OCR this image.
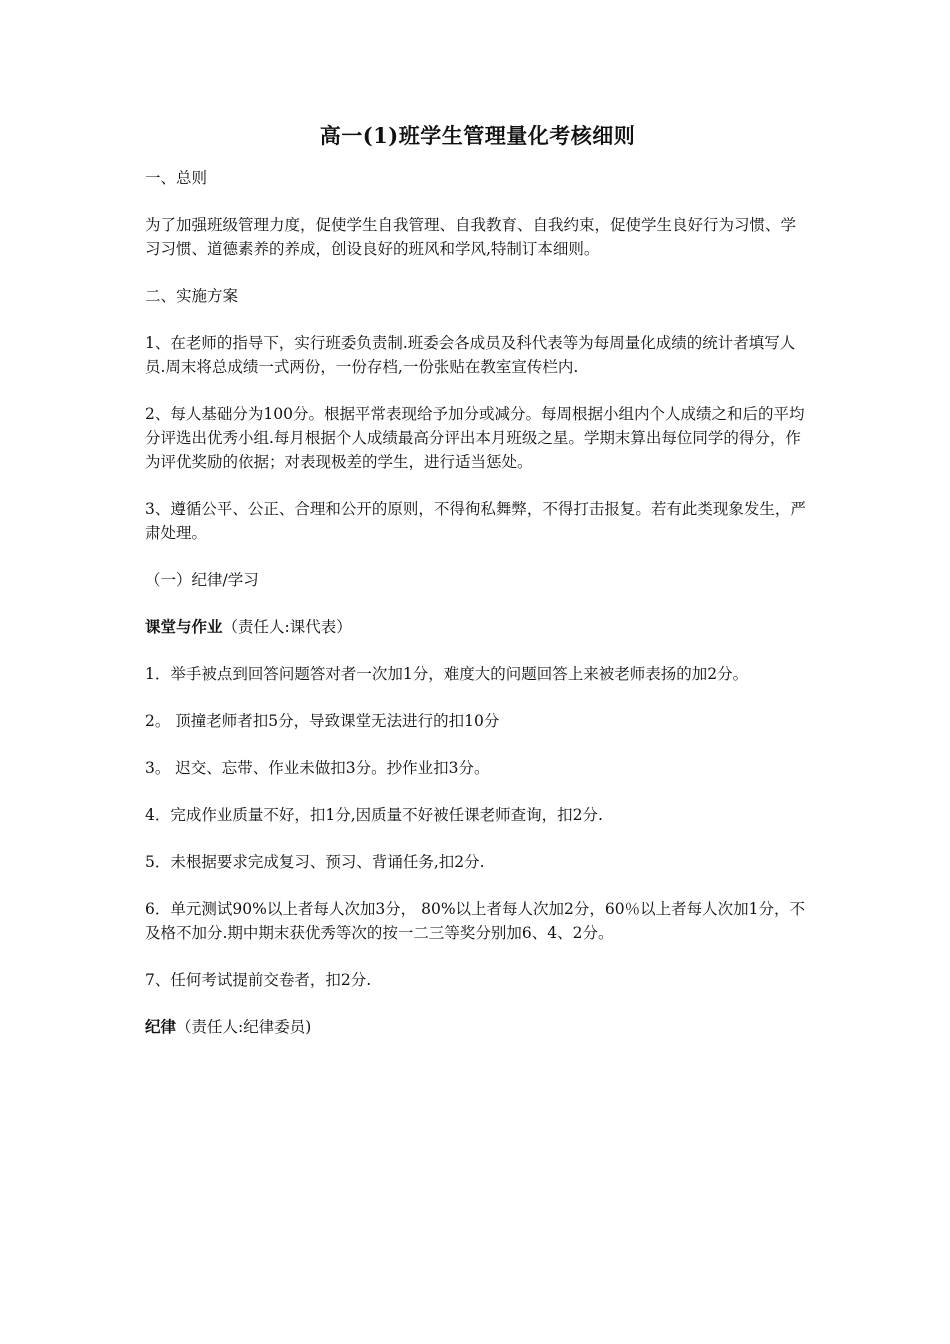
高一(1)班学生管理量化考核细则
一、总则
为了加强班级管理力度，促使学生自我管理、自我教育、自我约束，促使学生良好行为习惯、学习习惯、道德素养的养成，创设良好的班风和学风,特制订本细则。
二、实施方案
1、在老师的指导下，实行班委负责制.班委会各成员及科代表等为每周量化成绩的统计者填写人员.周末将总成绩一式两份，一份存档,一份张贴在教室宣传栏内.
2、每人基础分为100分。根据平常表现给予加分或减分。每周根据小组内个人成绩之和后的平均分评选出优秀小组.每月根据个人成绩最高分评出本月班级之星。学期末算出每位同学的得分，作为评优奖励的依据；对表现极差的学生，进行适当惩处。
3、遵循公平、公正、合理和公开的原则，不得徇私舞弊，不得打击报复。若有此类现象发生，严肃处理。
（一）纪律/学习
课堂与作业（责任人:课代表）
1．举手被点到回答问题答对者一次加1分，难度大的问题回答上来被老师表扬的加2分。
2。 顶撞老师者扣5分，导致课堂无法进行的扣10分
3。 迟交、忘带、作业未做扣3分。抄作业扣3分。
4．完成作业质量不好，扣1分,因质量不好被任课老师查询，扣2分.
5．未根据要求完成复习、预习、背诵任务,扣2分.
6．单元测试90%以上者每人次加3分， 80%以上者每人次加2分，60％以上者每人次加1分，不及格不加分.期中期末获优秀等次的按一二三等奖分别加6、4、2分。
7、任何考试提前交卷者，扣2分.
纪律（责任人:纪律委员)
